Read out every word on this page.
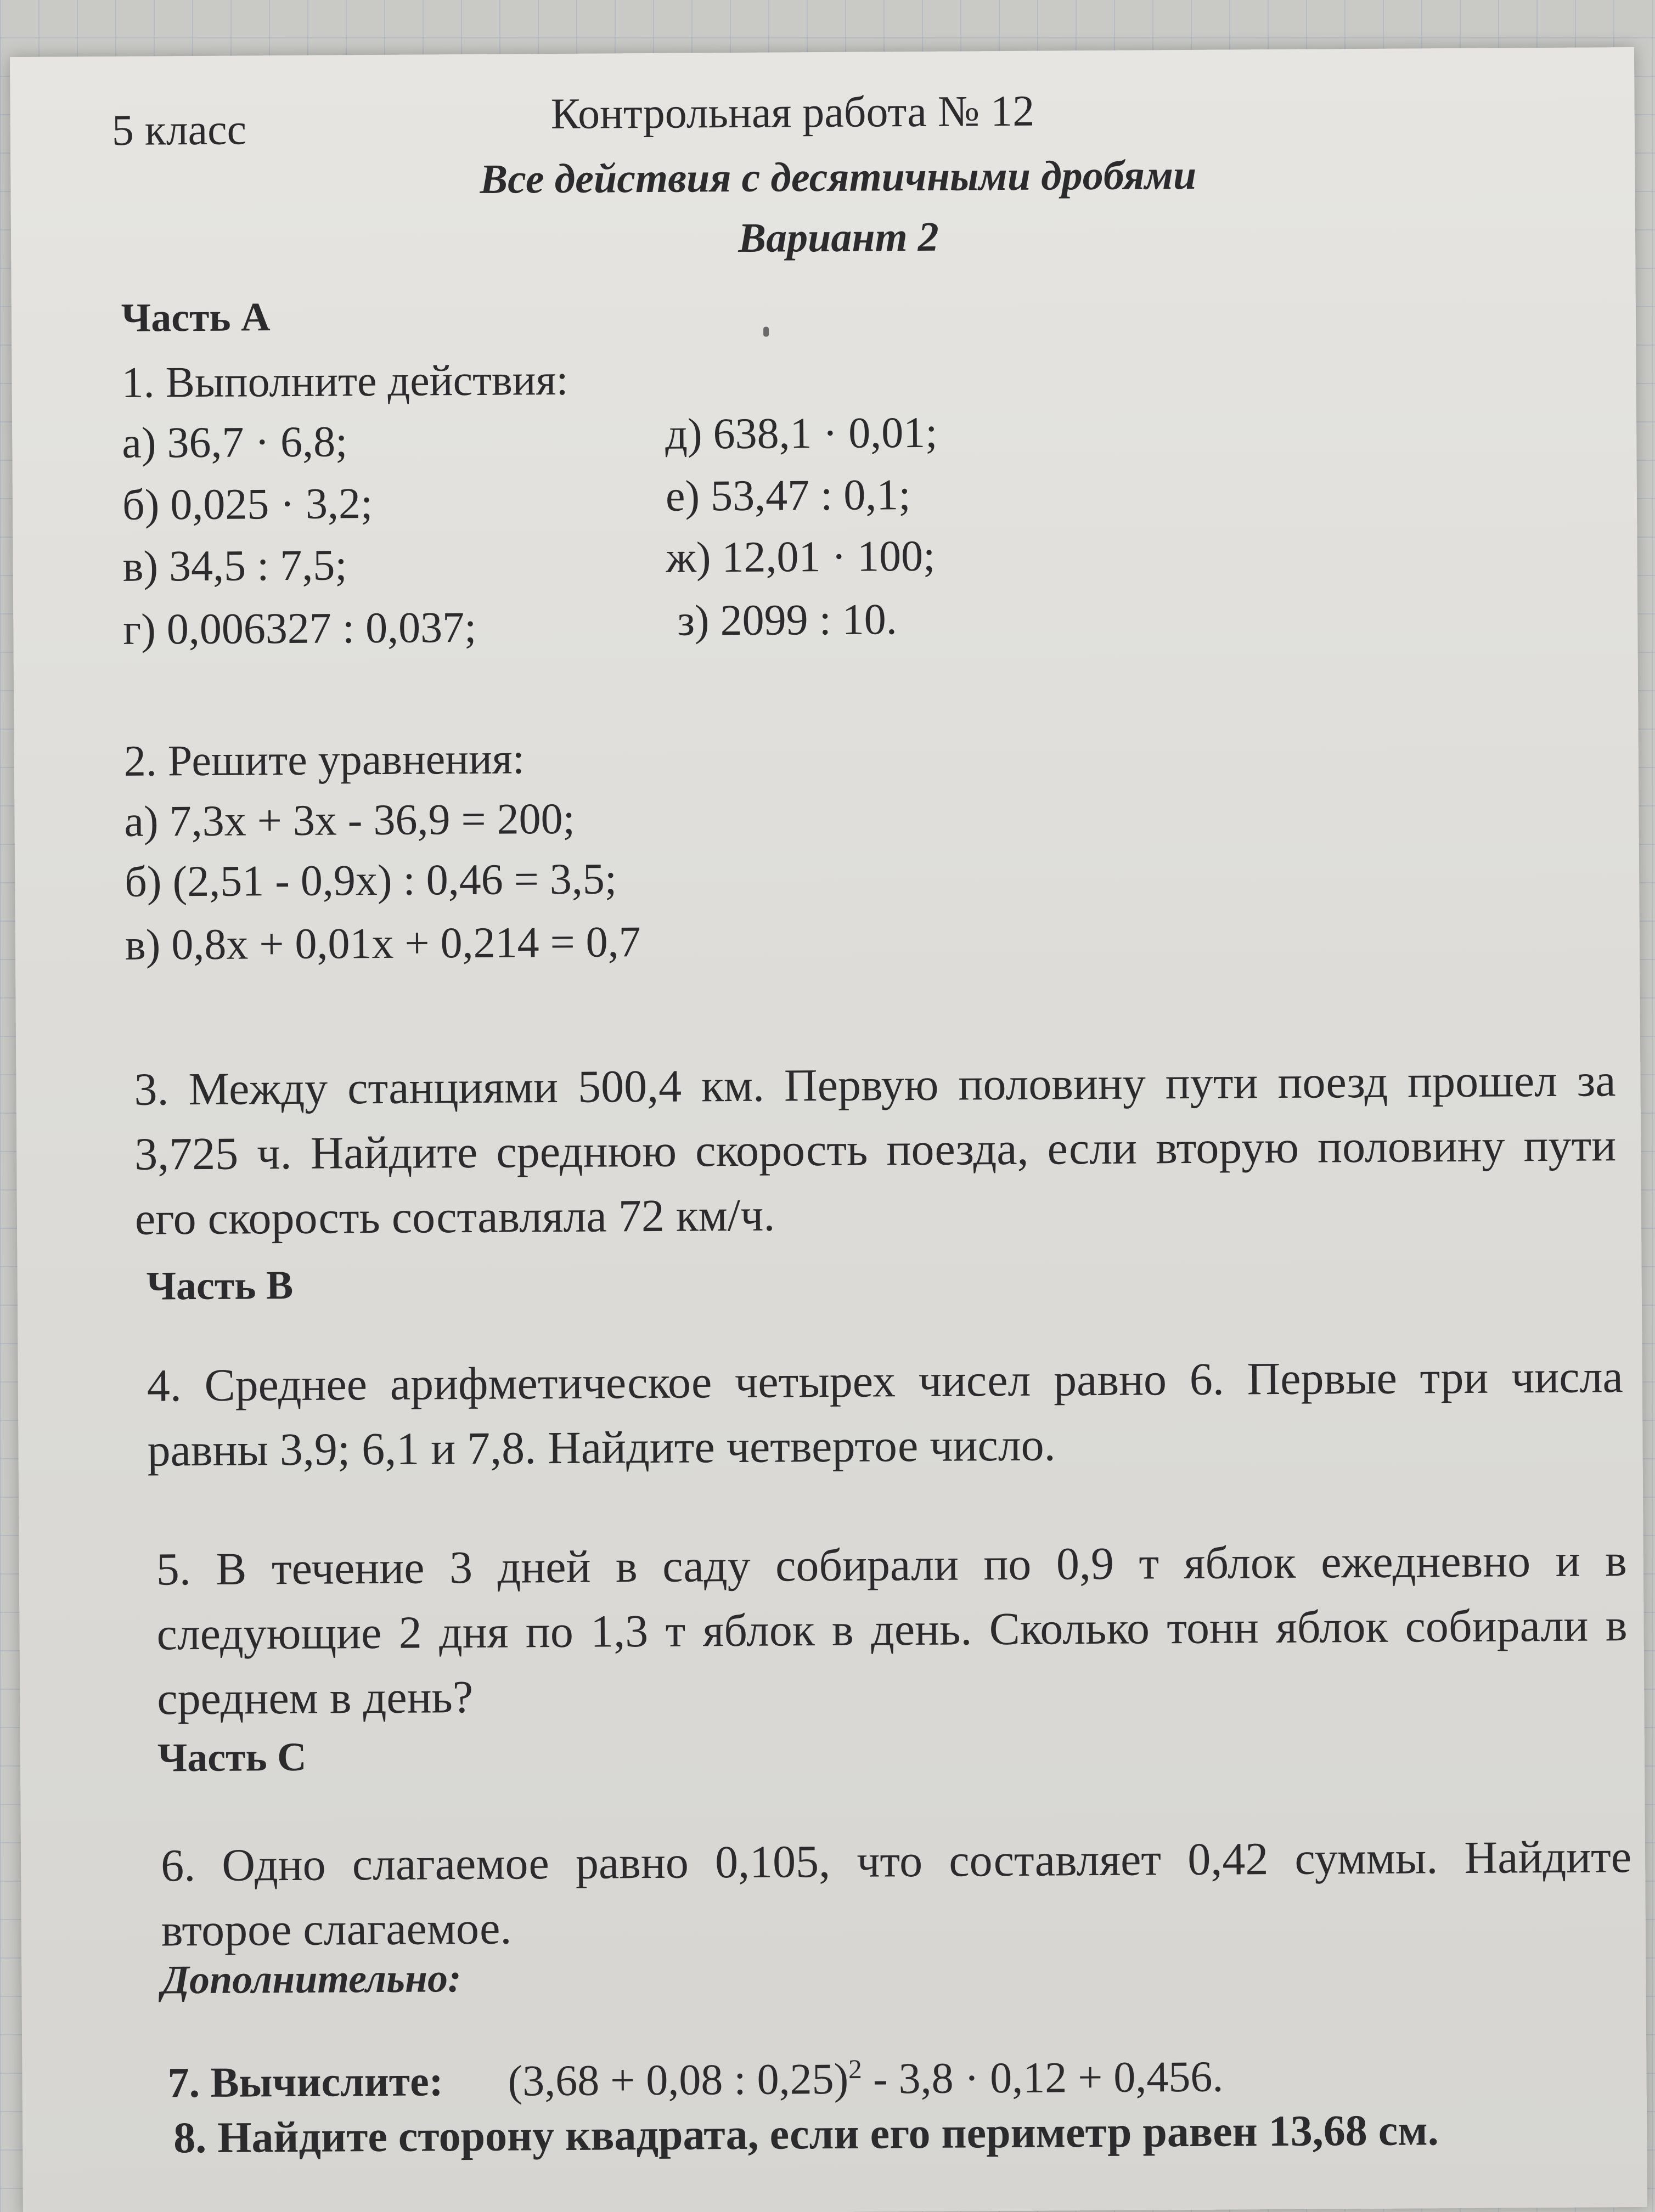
5 класс	Контрольная работа № 12
Все действия с десятичными дробями
Вариант 2
Часть А
1. Выполните действия:
а) 36,7 · 6,8;
б) 0,025 · 3,2;
в) 34,5 : 7,5;
г) 0,006327 : 0,037;
д) 638,1 · 0,01;
е) 53,47 : 0,1;
ж) 12,01 · 100;
з) 2099 : 10.
2. Решите уравнения:
а) 7,3x + 3x - 36,9 = 200;
б) (2,51 - 0,9x) : 0,46 = 3,5;
в) 0,8x + 0,01x + 0,214 = 0,7
3. Между станциями 500,4 км. Первую половину пути поезд прошел за 3,725 ч. Найдите среднюю скорость поезда, если вторую половину пути его скорость составляла 72 км/ч.
Часть В
4. Среднее арифметическое четырех чисел равно 6. Первые три числа равны 3,9; 6,1 и 7,8. Найдите четвертое число.
5. В течение 3 дней в саду собирали по 0,9 т яблок ежедневно и в следующие 2 дня по 1,3 т яблок в день. Сколько тонн яблок собирали в среднем в день?
Часть С
6. Одно слагаемое равно 0,105, что составляет 0,42 суммы. Найдите второе слагаемое.
Дополнительно:
7. Вычислите: (3,68 + 0,08 : 0,25)$^2$ - 3,8 · 0,12 + 0,456.
8. Найдите сторону квадрата, если его периметр равен 13,68 см.
